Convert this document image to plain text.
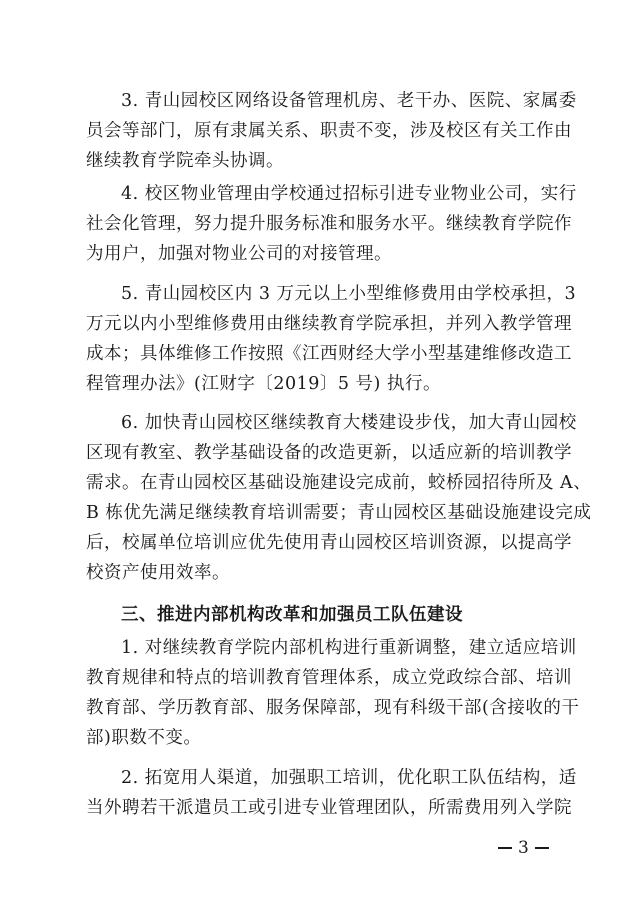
3. 青山园校区网络设备管理机房、老干办、医院、家属委
员会等部门，原有隶属关系、职责不变，涉及校区有关工作由
继续教育学院牵头协调。
4. 校区物业管理由学校通过招标引进专业物业公司，实行
社会化管理，努力提升服务标准和服务水平。继续教育学院作
为用户，加强对物业公司的对接管理。
5. 青山园校区内 3 万元以上小型维修费用由学校承担，3
万元以内小型维修费用由继续教育学院承担，并列入教学管理
成本；具体维修工作按照《江西财经大学小型基建维修改造工
程管理办法》(江财字〔2019〕5 号) 执行。
6. 加快青山园校区继续教育大楼建设步伐，加大青山园校
区现有教室、教学基础设备的改造更新，以适应新的培训教学
需求。在青山园校区基础设施建设完成前，蛟桥园招待所及 A、
B 栋优先满足继续教育培训需要；青山园校区基础设施建设完成
后，校属单位培训应优先使用青山园校区培训资源，以提高学
校资产使用效率。
三、推进内部机构改革和加强员工队伍建设
1. 对继续教育学院内部机构进行重新调整，建立适应培训
教育规律和特点的培训教育管理体系，成立党政综合部、培训
教育部、学历教育部、服务保障部，现有科级干部(含接收的干
部)职数不变。
2. 拓宽用人渠道，加强职工培训，优化职工队伍结构，适
当外聘若干派遣员工或引进专业管理团队，所需费用列入学院
3
